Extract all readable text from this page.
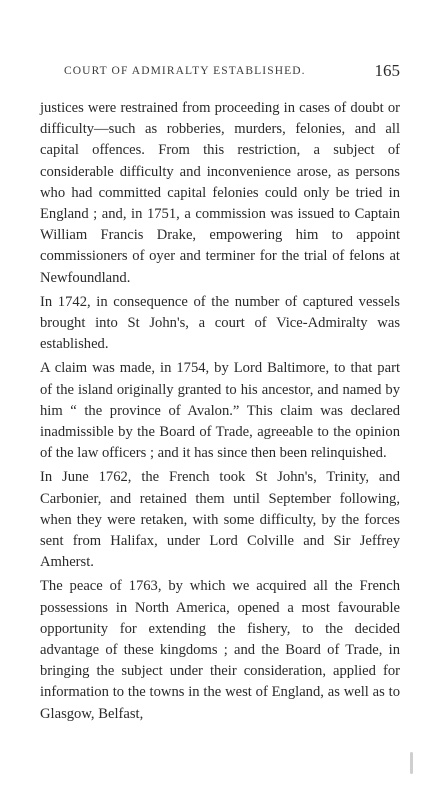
COURT OF ADMIRALTY ESTABLISHED.	165

justices were restrained from proceeding in cases of doubt or difficulty—such as robberies, murders, felonies, and all capital offences. From this restriction, a subject of considerable difficulty and inconvenience arose, as persons who had committed capital felonies could only be tried in England ; and, in 1751, a commission was issued to Captain William Francis Drake, empowering him to appoint commissioners of oyer and terminer for the trial of felons at Newfoundland.

In 1742, in consequence of the number of captured vessels brought into St John's, a court of Vice-Admiralty was established.

A claim was made, in 1754, by Lord Baltimore, to that part of the island originally granted to his ancestor, and named by him “ the province of Avalon.” This claim was declared inadmissible by the Board of Trade, agreeable to the opinion of the law officers ; and it has since then been relinquished.

In June 1762, the French took St John's, Trinity, and Carbonier, and retained them until September following, when they were retaken, with some difficulty, by the forces sent from Halifax, under Lord Colville and Sir Jeffrey Amherst.

The peace of 1763, by which we acquired all the French possessions in North America, opened a most favourable opportunity for extending the fishery, to the decided advantage of these kingdoms ; and the Board of Trade, in bringing the subject under their consideration, applied for information to the towns in the west of England, as well as to Glasgow, Belfast,
